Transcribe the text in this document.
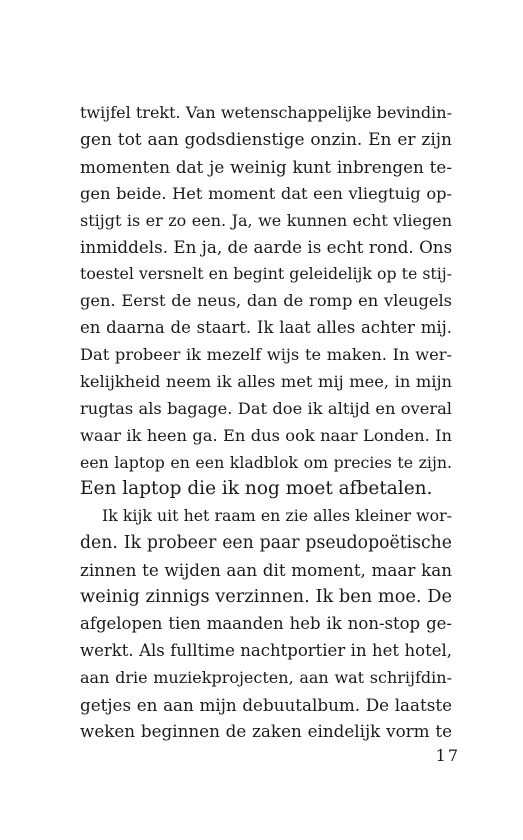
twijfel trekt. Van wetenschappelijke bevindin-
gen tot aan godsdienstige onzin. En er zijn
momenten dat je weinig kunt inbrengen te-
gen beide. Het moment dat een vliegtuig op-
stijgt is er zo een. Ja, we kunnen echt vliegen
inmiddels. En ja, de aarde is echt rond. Ons
toestel versnelt en begint geleidelijk op te stij-
gen. Eerst de neus, dan de romp en vleugels
en daarna de staart. Ik laat alles achter mij.
Dat probeer ik mezelf wijs te maken. In wer-
kelijkheid neem ik alles met mij mee, in mijn
rugtas als bagage. Dat doe ik altijd en overal
waar ik heen ga. En dus ook naar Londen. In
een laptop en een kladblok om precies te zijn.
Een laptop die ik nog moet afbetalen.
Ik kijk uit het raam en zie alles kleiner wor-
den. Ik probeer een paar pseudopoëtische
zinnen te wijden aan dit moment, maar kan
weinig zinnigs verzinnen. Ik ben moe. De
afgelopen tien maanden heb ik non-stop ge-
werkt. Als fulltime nachtportier in het hotel,
aan drie muziekprojecten, aan wat schrijfdin-
getjes en aan mijn debuutalbum. De laatste
weken beginnen de zaken eindelijk vorm te
17
